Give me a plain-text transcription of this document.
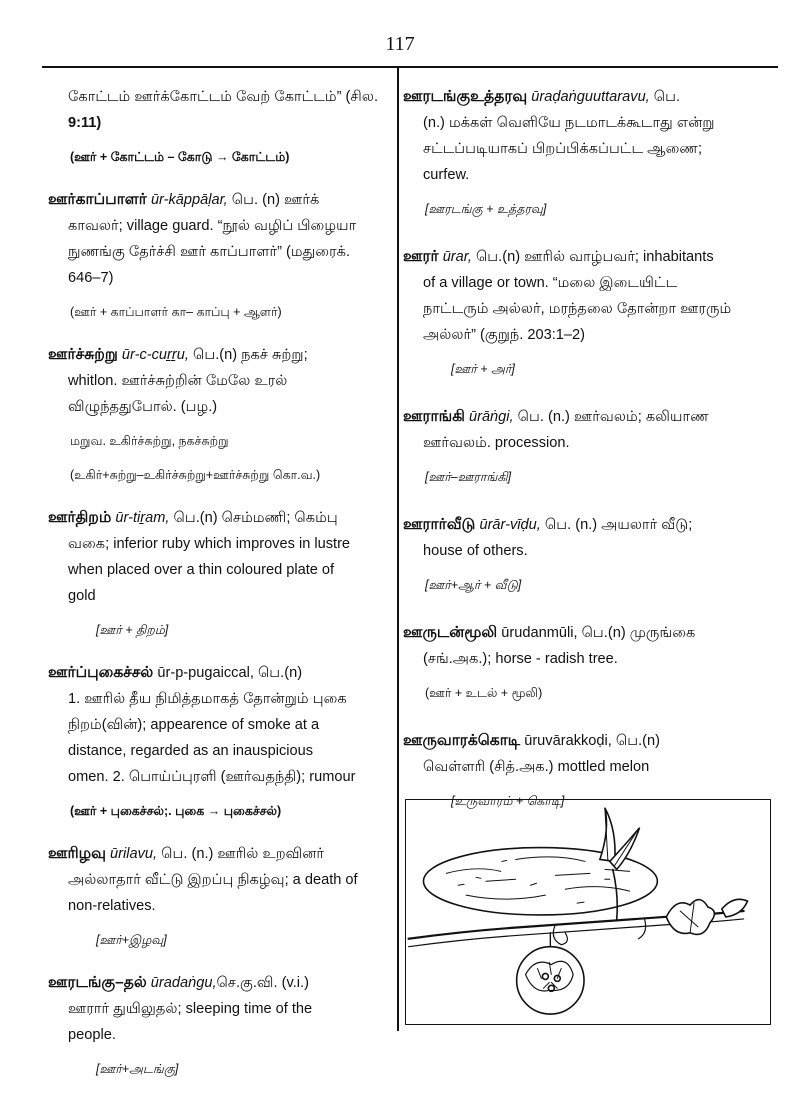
117

கோட்டம் ஊர்க்கோட்டம் வேற் கோட்டம்” (சில.

9:11)

(ஊர் + கோட்டம் – கோடு → கோட்டம்)

ஊர்காப்பாளர் ūr-kāppāḷar, பெ. (n) ஊர்க்

காவலர்; village guard. “நூல் வழிப் பிழையா

நுணங்கு தேர்ச்சி ஊர் காப்பாளர்” (மதுரைக்.

646–7)

(ஊர் + காப்பாளர் கா– காப்பு + ஆளர்)

ஊர்ச்சுற்று ūr-c-cuṟṟu, பெ.(n) நகச் சுற்று;

whitlon. ஊர்ச்சுற்றின் மேலே உரல்

விழுந்ததுபோல். (பழ.)

மறுவ. உகிர்ச்சுற்று, நகச்சுற்று

(உகிர்+சுற்று–உகிர்ச்சுற்று+ஊர்ச்சுற்று கொ.வ.)

ஊர்திறம் ūr-tiṟam, பெ.(n) செம்மணி; கெம்பு

வகை; inferior ruby which improves in lustre

when placed over a thin coloured plate of

gold

[ஊர் + திறம்]

ஊர்ப்புகைச்சல் ūr-p-pugaiccal, பெ.(n)

1. ஊரில் தீய நிமித்தமாகத் தோன்றும் புகை

நிறம்(வின்); appearence of smoke at a

distance, regarded as an inauspicious

omen. 2. பொய்ப்புரளி (ஊர்வதந்தி); rumour

(ஊர் + புகைச்சல்;. புகை → புகைச்சல்)

ஊரிழவு ūrilavu, பெ. (n.) ஊரில் உறவினர்

அல்லாதார் வீட்டு இறப்பு நிகழ்வு; a death of

non-relatives.

[ஊர்+இழவு]

ஊரடங்கு–தல் ūradaṅgu,செ.கு.வி. (v.i.)

ஊரார் துயிலுதல்; sleeping time of the

people.

[ஊர்+அடங்கு]

ஊரடங்குஉத்தரவு ūraḍaṅguuttaravu, பெ.

(n.) மக்கள் வெளியே நடமாடக்கூடாது என்று

சட்டப்படியாகப் பிறப்பிக்கப்பட்ட ஆணை;

curfew.

[ஊரடங்கு + உத்தரவு]

ஊரர் ūrar, பெ.(n) ஊரில் வாழ்பவர்; inhabitants

of a village or town. “மலை இடையிட்ட

நாட்டரும் அல்லர், மரந்தலை தோன்றா ஊரரும்

அல்லர்” (குறுந். 203:1–2)

[ஊர் + அர்]

ஊராங்கி ūrāṅgi, பெ. (n.) ஊர்வலம்; கலியாண

ஊர்வலம். procession.

[ஊர்–ஊராங்கி]

ஊரார்வீடு ūrār-vīḍu, பெ. (n.) அயலார் வீடு;

house of others.

[ஊர்+ஆர் + வீடு]

ஊருடன்மூலி ūrudanmūli, பெ.(n) முருங்கை

(சங்.அக.); horse - radish tree.

(ஊர் + உடல் + மூலி)

ஊருவாரக்கொடி ūruvārakkoḍi, பெ.(n)

வெள்ளரி (சித்.அக.) mottled melon

[உருவாரம் + கொடி]
